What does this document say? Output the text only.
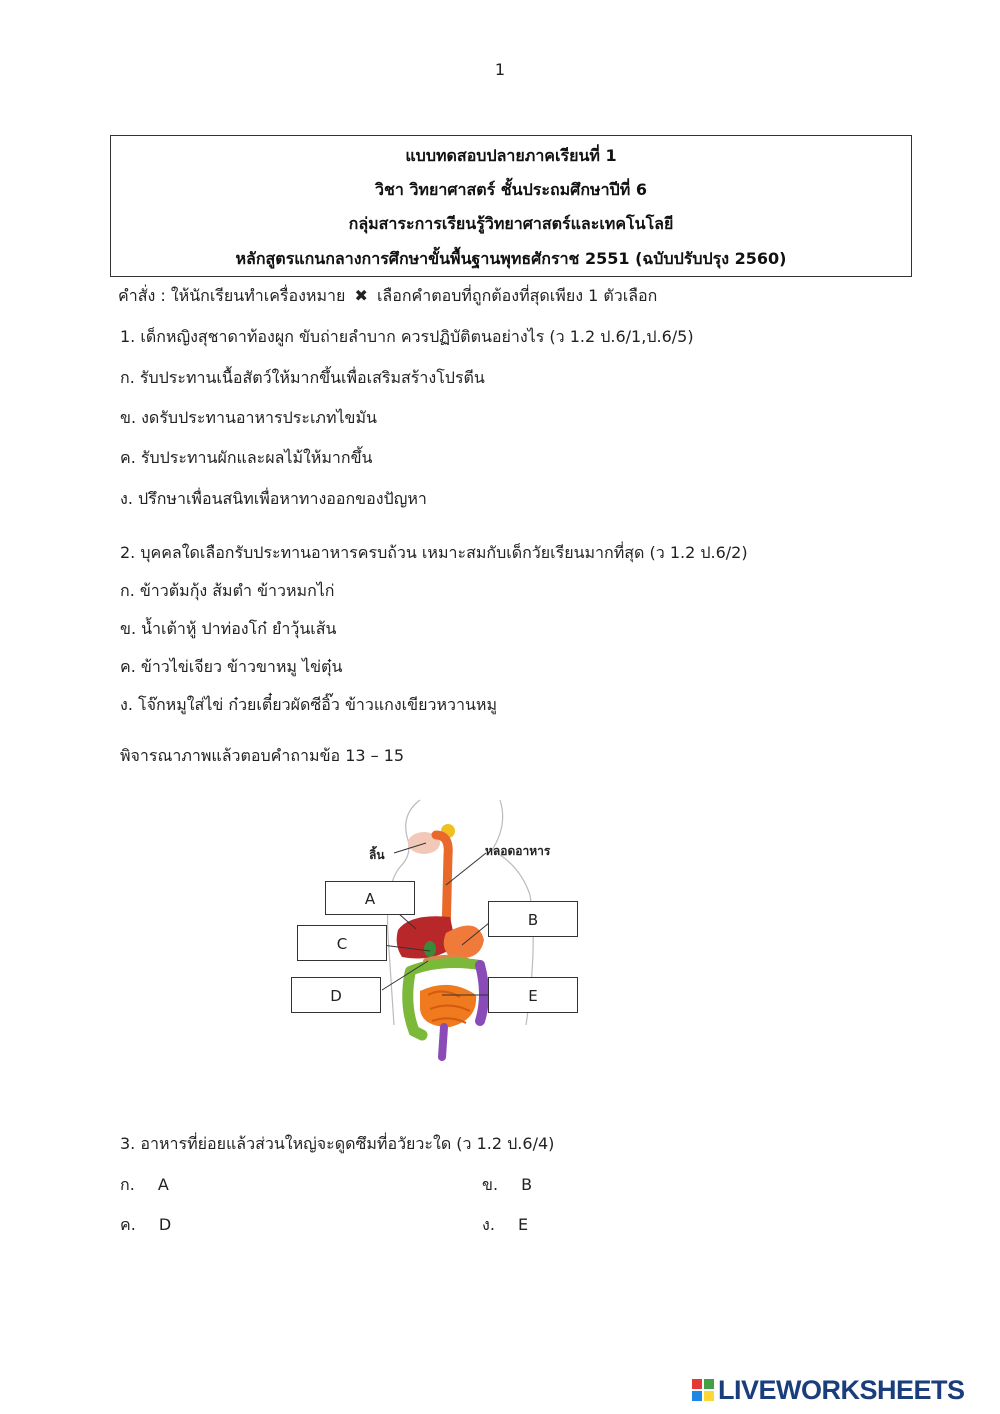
1
แบบทดสอบปลายภาคเรียนที่ 1
วิชา วิทยาศาสตร์ ชั้นประถมศึกษาปีที่ 6
กลุ่มสาระการเรียนรู้วิทยาศาสตร์และเทคโนโลยี
หลักสูตรแกนกลางการศึกษาขั้นพื้นฐานพุทธศักราช 2551 (ฉบับปรับปรุง 2560)
คำสั่ง : ให้นักเรียนทำเครื่องหมาย ✖ เลือกคำตอบที่ถูกต้องที่สุดเพียง 1 ตัวเลือก
1. เด็กหญิงสุชาดาท้องผูก ขับถ่ายลำบาก ควรปฏิบัติตนอย่างไร (ว 1.2 ป.6/1,ป.6/5)
ก. รับประทานเนื้อสัตว์ให้มากขึ้นเพื่อเสริมสร้างโปรตีน
ข. งดรับประทานอาหารประเภทไขมัน
ค. รับประทานผักและผลไม้ให้มากขึ้น
ง. ปรึกษาเพื่อนสนิทเพื่อหาทางออกของปัญหา
2. บุคคลใดเลือกรับประทานอาหารครบถ้วน เหมาะสมกับเด็กวัยเรียนมากที่สุด (ว 1.2 ป.6/2)
ก. ข้าวต้มกุ้ง ส้มตำ ข้าวหมกไก่
ข. น้ำเต้าหู้ ปาท่องโก๋ ยำวุ้นเส้น
ค. ข้าวไข่เจียว ข้าวขาหมู ไข่ตุ๋น
ง. โจ๊กหมูใส่ไข่ ก๋วยเตี๋ยวผัดซีอิ๊ว ข้าวแกงเขียวหวานหมู
พิจารณาภาพแล้วตอบคำถามข้อ 13 – 15
ลิ้น	หลอดอาหาร
A
B
C
D	E
3. อาหารที่ย่อยแล้วส่วนใหญ่จะดูดซึมที่อวัยวะใด (ว 1.2 ป.6/4)
ก. A	ข. B
ค. D	ง. E
LIVEWORKSHEETS
